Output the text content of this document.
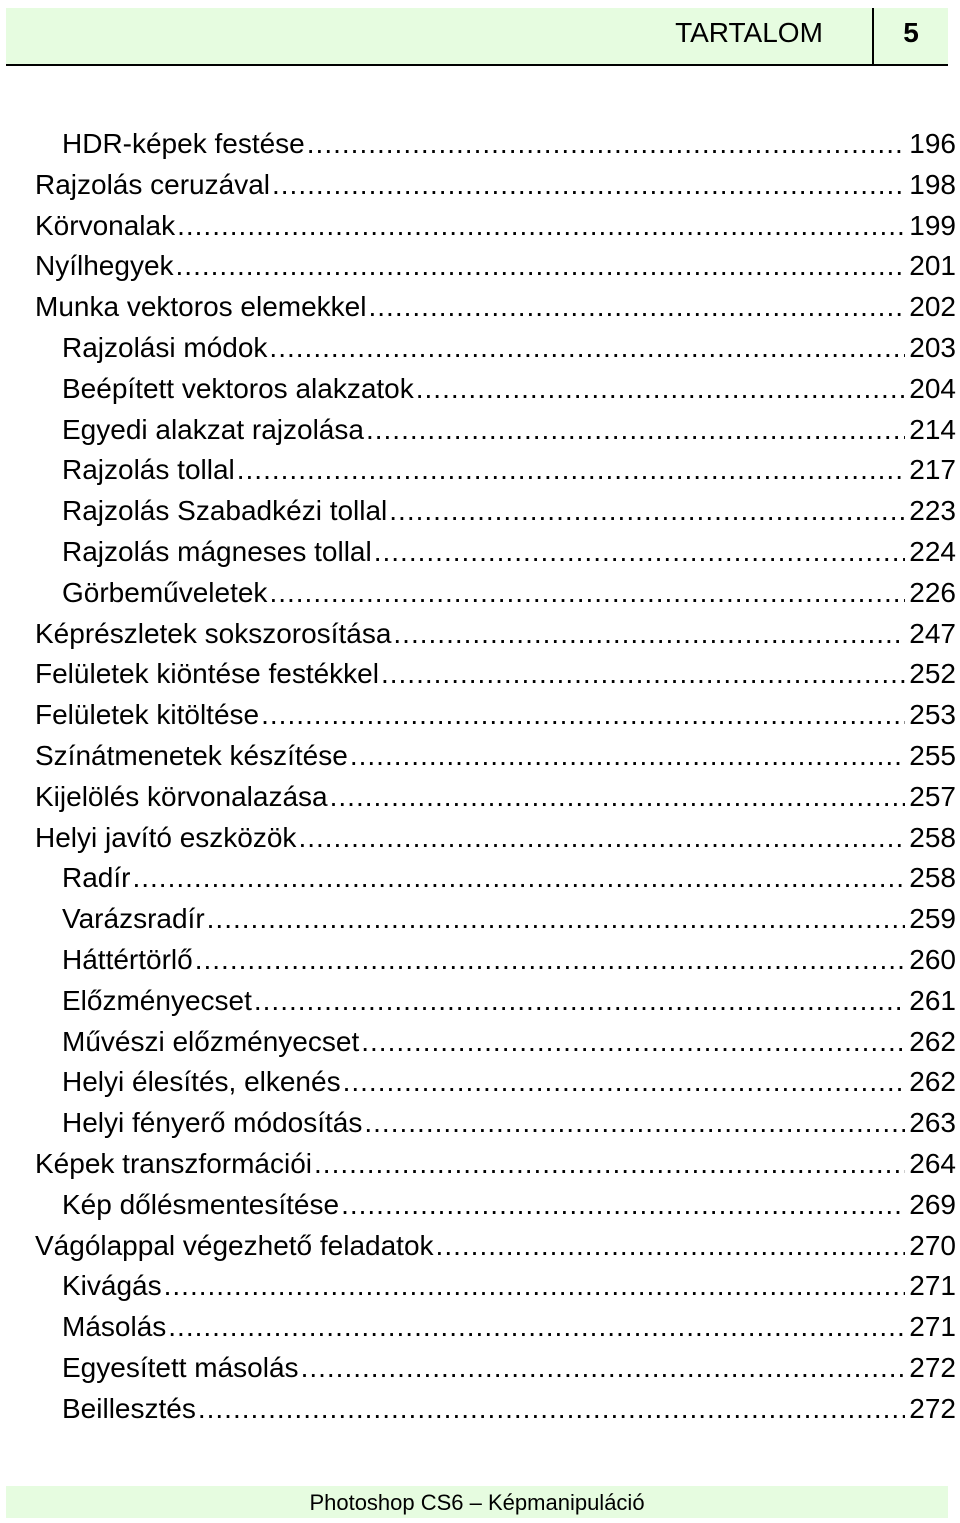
TARTALOM	5
HDR-képek festése .....	196
Rajzolás ceruzával .....	198
Körvonalak .....	199
Nyílhegyek .....	201
Munka vektoros elemekkel .....	202
Rajzolási módok .....	203
Beépített vektoros alakzatok .....	204
Egyedi alakzat rajzolása .....	214
Rajzolás tollal .....	217
Rajzolás Szabadkézi tollal .....	223
Rajzolás mágneses tollal .....	224
Görbeműveletek .....	226
Képrészletek sokszorosítása .....	247
Felületek kiöntése festékkel .....	252
Felületek kitöltése .....	253
Színátmenetek készítése .....	255
Kijelölés körvonalazása .....	257
Helyi javító eszközök .....	258
Radír .....	258
Varázsradír .....	259
Háttértörlő .....	260
Előzményecset .....	261
Művészi előzményecset .....	262
Helyi élesítés, elkenés .....	262
Helyi fényerő módosítás .....	263
Képek transzformációi .....	264
Kép dőlésmentesítése .....	269
Vágólappal végezhető feladatok .....	270
Kivágás .....	271
Másolás .....	271
Egyesített másolás .....	272
Beillesztés .....	272
Photoshop CS6 – Képmanipuláció
